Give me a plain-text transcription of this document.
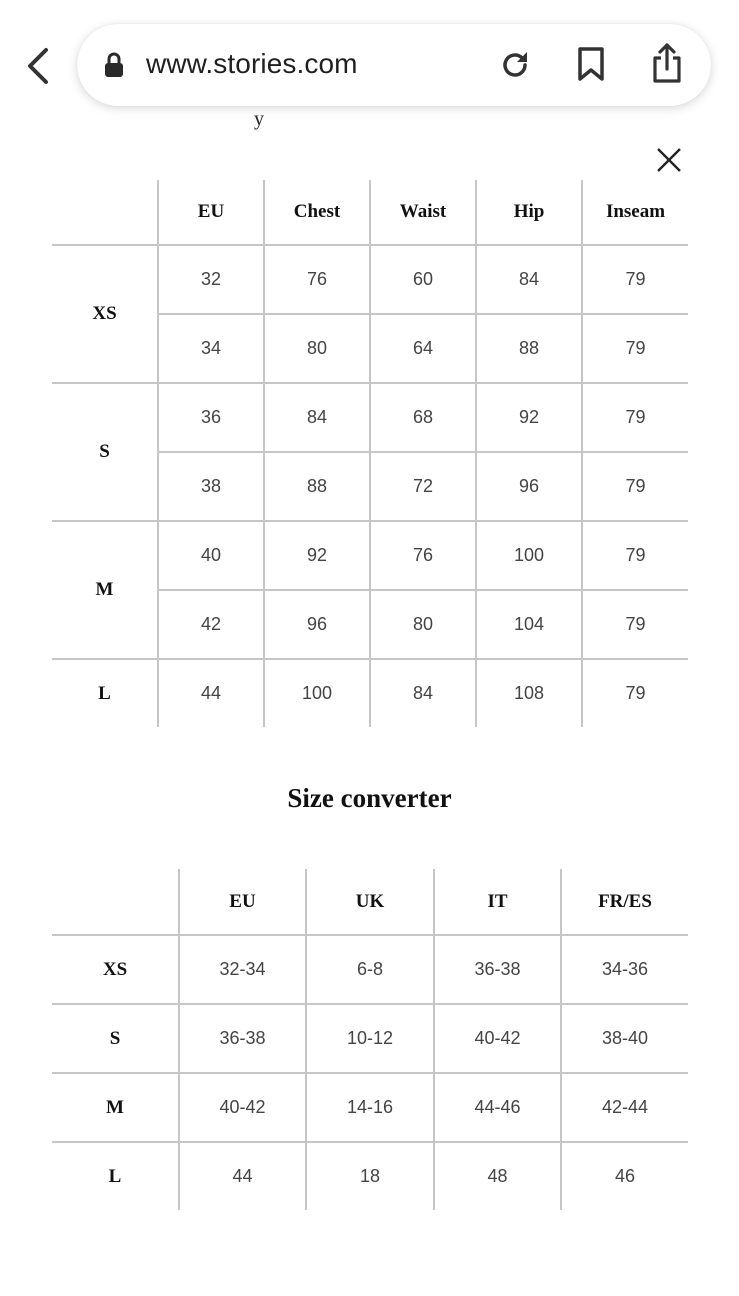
www.stories.com
y
	EU	Chest	Waist	Hip	Inseam
XS	32	76	60	84	79
	34	80	64	88	79
S	36	84	68	92	79
	38	88	72	96	79
M	40	92	76	100	79
	42	96	80	104	79
L	44	100	84	108	79
Size converter
	EU	UK	IT	FR/ES
XS	32-34	6-8	36-38	34-36
S	36-38	10-12	40-42	38-40
M	40-42	14-16	44-46	42-44
L	44	18	48	46
